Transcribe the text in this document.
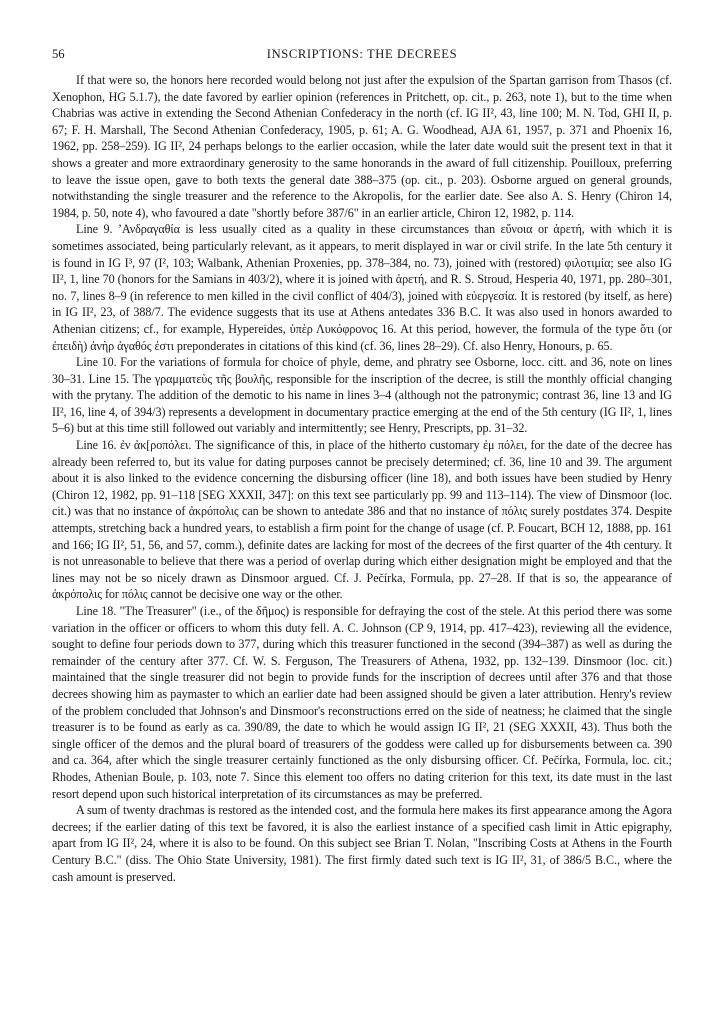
56	INSCRIPTIONS: THE DECREES

If that were so, the honors here recorded would belong not just after the expulsion of the Spartan garrison from Thasos (cf. Xenophon, HG 5.1.7), the date favored by earlier opinion (references in Pritchett, op. cit., p. 263, note 1), but to the time when Chabrias was active in extending the Second Athenian Confederacy in the north (cf. IG II², 43, line 100; M. N. Tod, GHI II, p. 67; F. H. Marshall, The Second Athenian Confederacy, 1905, p. 61; A. G. Woodhead, AJA 61, 1957, p. 371 and Phoenix 16, 1962, pp. 258–259). IG II², 24 perhaps belongs to the earlier occasion, while the later date would suit the present text in that it shows a greater and more extraordinary generosity to the same honorands in the award of full citizenship. Pouilloux, preferring to leave the issue open, gave to both texts the general date 388–375 (op. cit., p. 203). Osborne argued on general grounds, notwithstanding the single treasurer and the reference to the Akropolis, for the earlier date. See also A. S. Henry (Chiron 14, 1984, p. 50, note 4), who favoured a date "shortly before 387/6" in an earlier article, Chiron 12, 1982, p. 114.

Line 9. ʼΑνδραγαθία is less usually cited as a quality in these circumstances than εὔνοια or ἀρετή, with which it is sometimes associated, being particularly relevant, as it appears, to merit displayed in war or civil strife. In the late 5th century it is found in IG I³, 97 (I², 103; Walbank, Athenian Proxenies, pp. 378–384, no. 73), joined with (restored) φιλοτιμία; see also IG II², 1, line 70 (honors for the Samians in 403/2), where it is joined with ἀρετή, and R. S. Stroud, Hesperia 40, 1971, pp. 280–301, no. 7, lines 8–9 (in reference to men killed in the civil conflict of 404/3), joined with εὐεργεσία. It is restored (by itself, as here) in IG II², 23, of 388/7. The evidence suggests that its use at Athens antedates 336 B.C. It was also used in honors awarded to Athenian citizens; cf., for example, Hypereides, ὑπὲρ Λυκόφρονος 16. At this period, however, the formula of the type ὅτι (or ἐπειδὴ) ἀνὴρ ἀγαθός ἐστι preponderates in citations of this kind (cf. 36, lines 28–29). Cf. also Henry, Honours, p. 65.

Line 10. For the variations of formula for choice of phyle, deme, and phratry see Osborne, locc. citt. and 36, note on lines 30–31. Line 15. The γραμματεὺς τῆς βουλῆς, responsible for the inscription of the decree, is still the monthly official changing with the prytany. The addition of the demotic to his name in lines 3–4 (although not the patronymic; contrast 36, line 13 and IG II², 16, line 4, of 394/3) represents a development in documentary practice emerging at the end of the 5th century (IG II², 1, lines 5–6) but at this time still followed out variably and intermittently; see Henry, Prescripts, pp. 31–32.

Line 16. ἐν ἀκ[ροπόλει. The significance of this, in place of the hitherto customary ἐμ πόλει, for the date of the decree has already been referred to, but its value for dating purposes cannot be precisely determined; cf. 36, line 10 and 39. The argument about it is also linked to the evidence concerning the disbursing officer (line 18), and both issues have been studied by Henry (Chiron 12, 1982, pp. 91–118 [SEG XXXII, 347]: on this text see particularly pp. 99 and 113–114). The view of Dinsmoor (loc. cit.) was that no instance of ἀκρόπολις can be shown to antedate 386 and that no instance of πόλις surely postdates 374. Despite attempts, stretching back a hundred years, to establish a firm point for the change of usage (cf. P. Foucart, BCH 12, 1888, pp. 161 and 166; IG II², 51, 56, and 57, comm.), definite dates are lacking for most of the decrees of the first quarter of the 4th century. It is not unreasonable to believe that there was a period of overlap during which either designation might be employed and that the lines may not be so nicely drawn as Dinsmoor argued. Cf. J. Pečírka, Formula, pp. 27–28. If that is so, the appearance of ἀκρόπολις for πόλις cannot be decisive one way or the other.

Line 18. "The Treasurer" (i.e., of the δῆμος) is responsible for defraying the cost of the stele. At this period there was some variation in the officer or officers to whom this duty fell. A. C. Johnson (CP 9, 1914, pp. 417–423), reviewing all the evidence, sought to define four periods down to 377, during which this treasurer functioned in the second (394–387) as well as during the remainder of the century after 377. Cf. W. S. Ferguson, The Treasurers of Athena, 1932, pp. 132–139. Dinsmoor (loc. cit.) maintained that the single treasurer did not begin to provide funds for the inscription of decrees until after 376 and that those decrees showing him as paymaster to which an earlier date had been assigned should be given a later attribution. Henry's review of the problem concluded that Johnson's and Dinsmoor's reconstructions erred on the side of neatness; he claimed that the single treasurer is to be found as early as ca. 390/89, the date to which he would assign IG II², 21 (SEG XXXII, 43). Thus both the single officer of the demos and the plural board of treasurers of the goddess were called up for disbursements between ca. 390 and ca. 364, after which the single treasurer certainly functioned as the only disbursing officer. Cf. Pečírka, Formula, loc. cit.; Rhodes, Athenian Boule, p. 103, note 7. Since this element too offers no dating criterion for this text, its date must in the last resort depend upon such historical interpretation of its circumstances as may be preferred.

A sum of twenty drachmas is restored as the intended cost, and the formula here makes its first appearance among the Agora decrees; if the earlier dating of this text be favored, it is also the earliest instance of a specified cash limit in Attic epigraphy, apart from IG II², 24, where it is also to be found. On this subject see Brian T. Nolan, "Inscribing Costs at Athens in the Fourth Century B.C." (diss. The Ohio State University, 1981). The first firmly dated such text is IG II², 31, of 386/5 B.C., where the cash amount is preserved.
